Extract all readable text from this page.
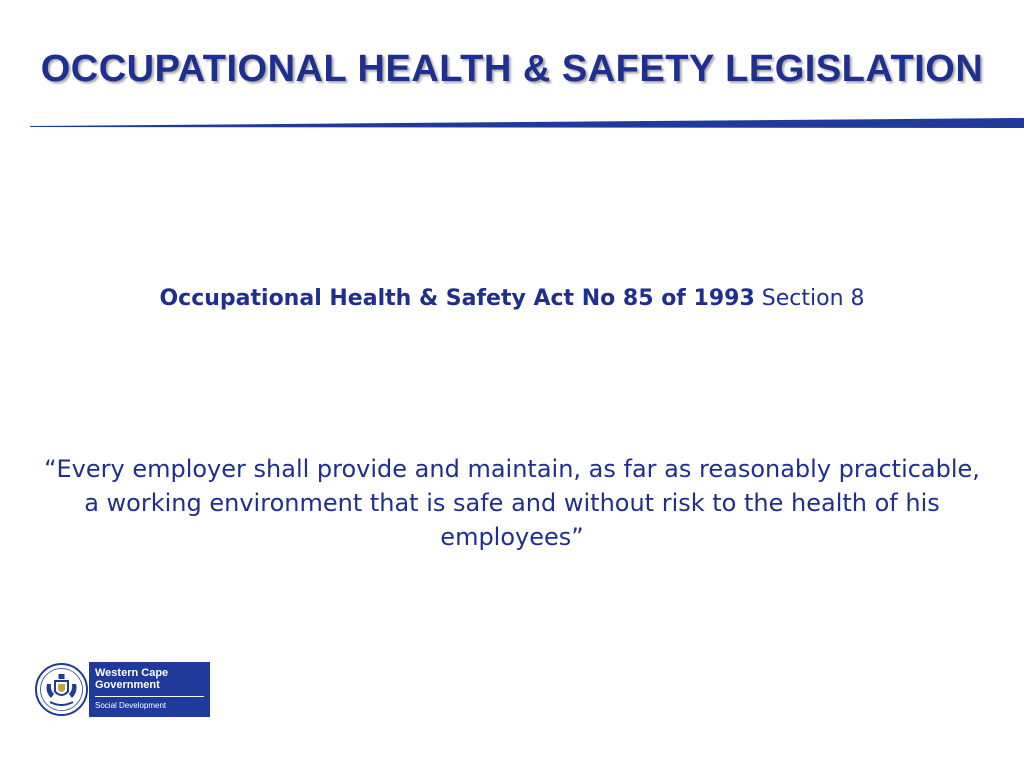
OCCUPATIONAL HEALTH & SAFETY LEGISLATION
Occupational Health & Safety Act No 85 of 1993 Section 8

“Every employer shall provide and maintain, as far as reasonably practicable, a working environment that is safe and without risk to the health of his employees”

Western Cape
Government
Social Development
